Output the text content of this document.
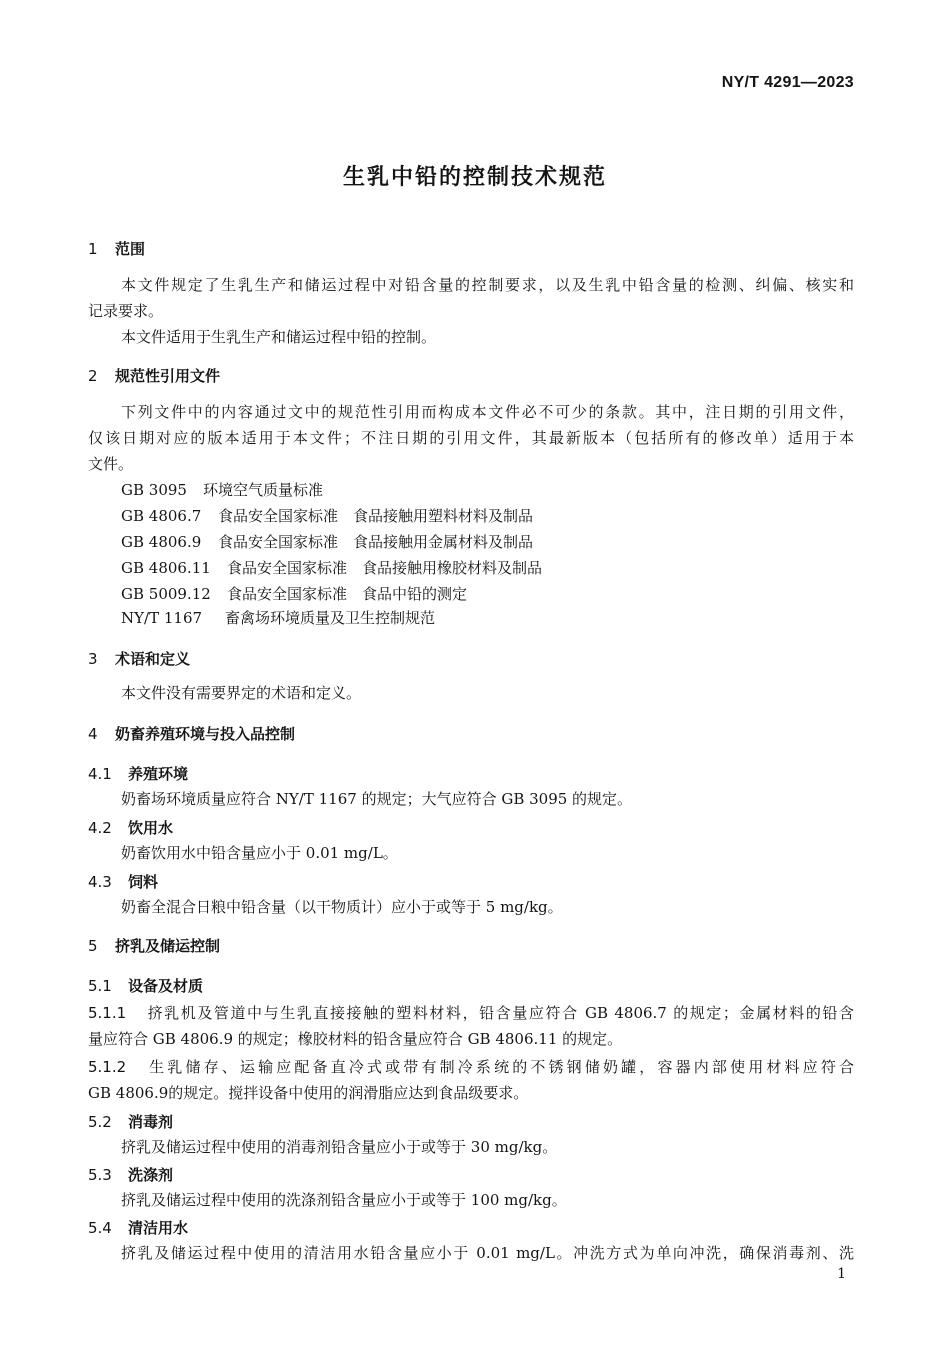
NY/T 4291—2023
生乳中铅的控制技术规范
1 范围
本文件规定了生乳生产和储运过程中对铅含量的控制要求，以及生乳中铅含量的检测、纠偏、核实和
记录要求。
本文件适用于生乳生产和储运过程中铅的控制。
2 规范性引用文件
下列文件中的内容通过文中的规范性引用而构成本文件必不可少的条款。其中，注日期的引用文件，
仅该日期对应的版本适用于本文件；不注日期的引用文件，其最新版本（包括所有的修改单）适用于本
文件。
GB 3095 环境空气质量标准
GB 4806.7 食品安全国家标准　食品接触用塑料材料及制品
GB 4806.9 食品安全国家标准　食品接触用金属材料及制品
GB 4806.11 食品安全国家标准　食品接触用橡胶材料及制品
GB 5009.12 食品安全国家标准　食品中铅的测定
NY/T 1167 畜禽场环境质量及卫生控制规范
3 术语和定义
本文件没有需要界定的术语和定义。
4 奶畜养殖环境与投入品控制
4.1 养殖环境
奶畜场环境质量应符合 NY/T 1167 的规定；大气应符合 GB 3095 的规定。
4.2 饮用水
奶畜饮用水中铅含量应小于 0.01 mg/L。
4.3 饲料
奶畜全混合日粮中铅含量（以干物质计）应小于或等于 5 mg/kg。
5 挤乳及储运控制
5.1 设备及材质
5.1.1 挤乳机及管道中与生乳直接接触的塑料材料，铅含量应符合 GB 4806.7 的规定；金属材料的铅含
量应符合 GB 4806.9 的规定；橡胶材料的铅含量应符合 GB 4806.11 的规定。
5.1.2 生乳储存、运输应配备直冷式或带有制冷系统的不锈钢储奶罐，容器内部使用材料应符合
GB 4806.9的规定。搅拌设备中使用的润滑脂应达到食品级要求。
5.2 消毒剂
挤乳及储运过程中使用的消毒剂铅含量应小于或等于 30 mg/kg。
5.3 洗涤剂
挤乳及储运过程中使用的洗涤剂铅含量应小于或等于 100 mg/kg。
5.4 清洁用水
挤乳及储运过程中使用的清洁用水铅含量应小于 0.01 mg/L。冲洗方式为单向冲洗，确保消毒剂、洗
1
